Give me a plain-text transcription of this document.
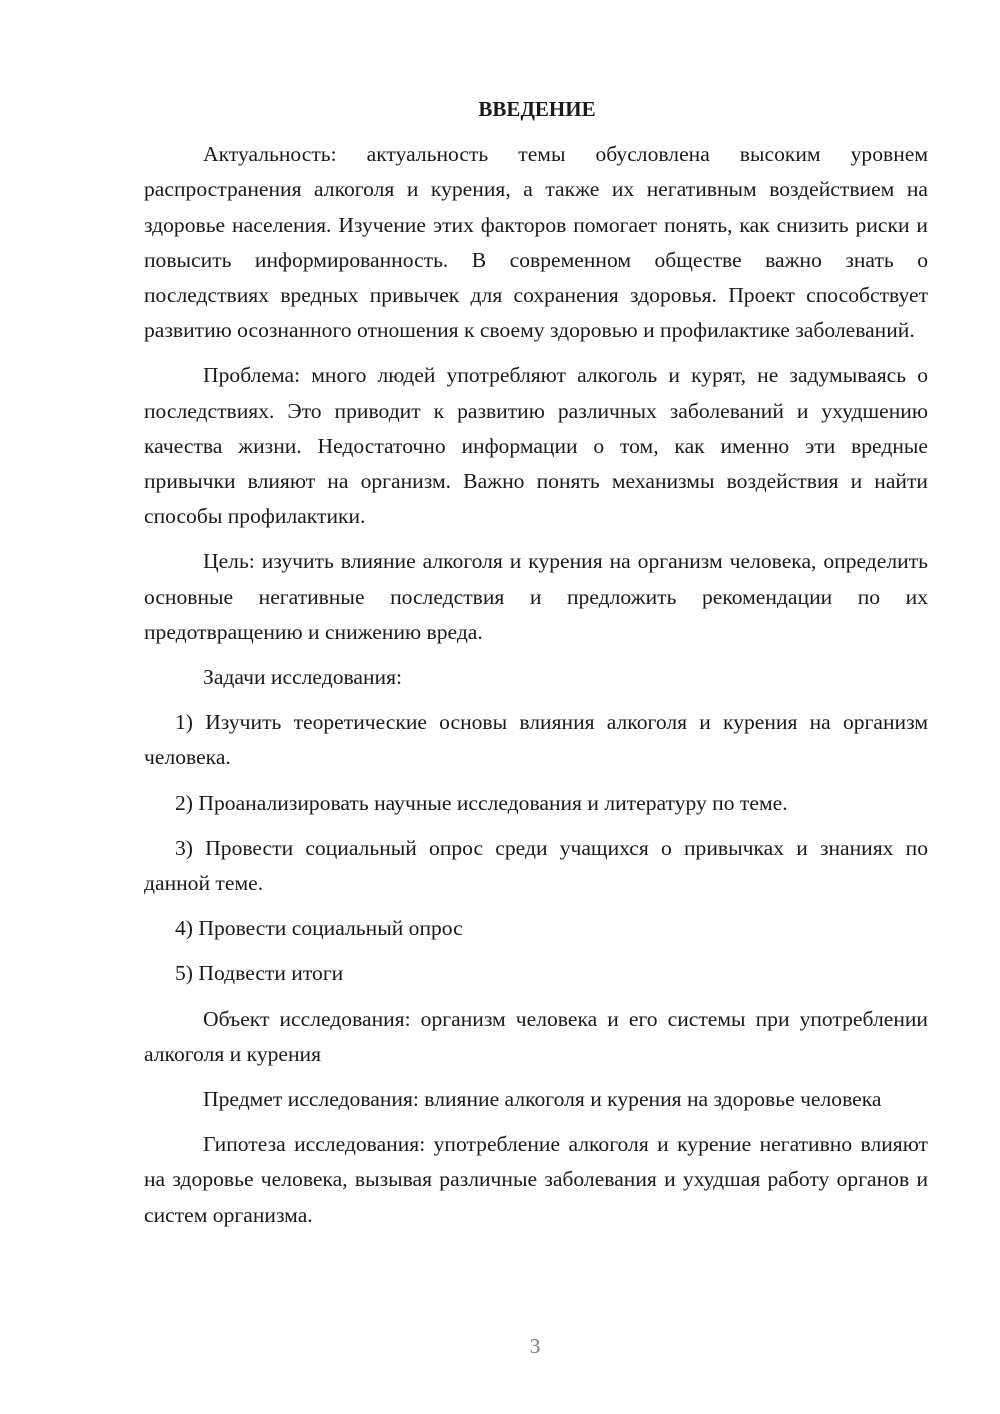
ВВЕДЕНИЕ

Актуальность: актуальность темы обусловлена высоким уровнем распространения алкоголя и курения, а также их негативным воздействием на здоровье населения. Изучение этих факторов помогает понять, как снизить риски и повысить информированность. В современном обществе важно знать о последствиях вредных привычек для сохранения здоровья. Проект способствует развитию осознанного отношения к своему здоровью и профилактике заболеваний.

Проблема: много людей употребляют алкоголь и курят, не задумываясь о последствиях. Это приводит к развитию различных заболеваний и ухудшению качества жизни. Недостаточно информации о том, как именно эти вредные привычки влияют на организм. Важно понять механизмы воздействия и найти способы профилактики.

Цель: изучить влияние алкоголя и курения на организм человека, определить основные негативные последствия и предложить рекомендации по их предотвращению и снижению вреда.

Задачи исследования:

1) Изучить теоретические основы влияния алкоголя и курения на организм человека.

2) Проанализировать научные исследования и литературу по теме.

3) Провести социальный опрос среди учащихся о привычках и знаниях по данной теме.

4) Провести социальный опрос

5) Подвести итоги

Объект исследования: организм человека и его системы при употреблении алкоголя и курения

Предмет исследования: влияние алкоголя и курения на здоровье человека

Гипотеза исследования: употребление алкоголя и курение негативно влияют на здоровье человека, вызывая различные заболевания и ухудшая работу органов и систем организма.

3
